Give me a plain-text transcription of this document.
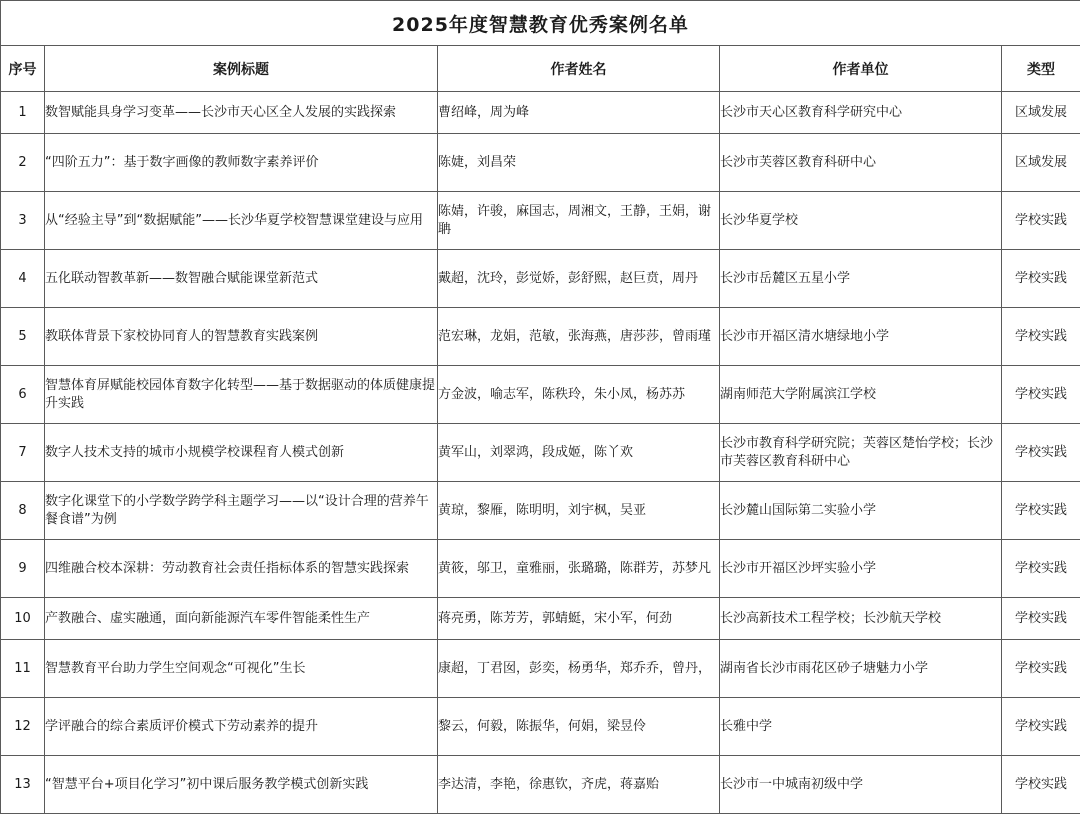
2025年度智慧教育优秀案例名单				
序号	案例标题	作者姓名	作者单位	类型
1	数智赋能具身学习变革——长沙市天心区全人发展的实践探索	曹绍峰，周为峰	长沙市天心区教育科学研究中心	区域发展
2	“四阶五力”：基于数字画像的教师数字素养评价	陈婕，刘昌荣	长沙市芙蓉区教育科研中心	区域发展
3	从“经验主导”到“数据赋能”——长沙华夏学校智慧课堂建设与应用	陈婧，许骏，麻国志，周湘文，王静，王娟，谢聃	长沙华夏学校	学校实践
4	五化联动智教革新——数智融合赋能课堂新范式	戴超，沈玲，彭觉娇，彭舒熙，赵巨贲，周丹	长沙市岳麓区五星小学	学校实践
5	教联体背景下家校协同育人的智慧教育实践案例	范宏琳，龙娟，范敏，张海燕，唐莎莎，曾雨瑾	长沙市开福区清水塘绿地小学	学校实践
6	智慧体育屏赋能校园体育数字化转型——基于数据驱动的体质健康提升实践	方金波，喻志军，陈秩玲，朱小凤，杨苏苏	湖南师范大学附属滨江学校	学校实践
7	数字人技术支持的城市小规模学校课程育人模式创新	黄军山，刘翠鸿，段成姬，陈丫欢	长沙市教育科学研究院；芙蓉区楚怡学校；长沙市芙蓉区教育科研中心	学校实践
8	数字化课堂下的小学数学跨学科主题学习——以“设计合理的营养午餐食谱”为例	黄琼，黎雁，陈明明，刘宇枫，吴亚	长沙麓山国际第二实验小学	学校实践
9	四维融合校本深耕：劳动教育社会责任指标体系的智慧实践探索	黄筱，邬卫，童雅丽，张璐璐，陈群芳，苏梦凡	长沙市开福区沙坪实验小学	学校实践
10	产教融合、虚实融通，面向新能源汽车零件智能柔性生产	蒋亮勇，陈芳芳，郭蜻蜓，宋小军，何劲	长沙高新技术工程学校；长沙航天学校	学校实践
11	智慧教育平台助力学生空间观念“可视化”生长	康超，丁君囡，彭奕，杨勇华，郑乔乔，曾丹，	湖南省长沙市雨花区砂子塘魅力小学	学校实践
12	学评融合的综合素质评价模式下劳动素养的提升	黎云，何毅，陈振华，何娟，梁昱伶	长雅中学	学校实践
13	“智慧平台+项目化学习”初中课后服务教学模式创新实践	李达清，李艳，徐惠钦，齐虎，蒋嘉贻	长沙市一中城南初级中学	学校实践
